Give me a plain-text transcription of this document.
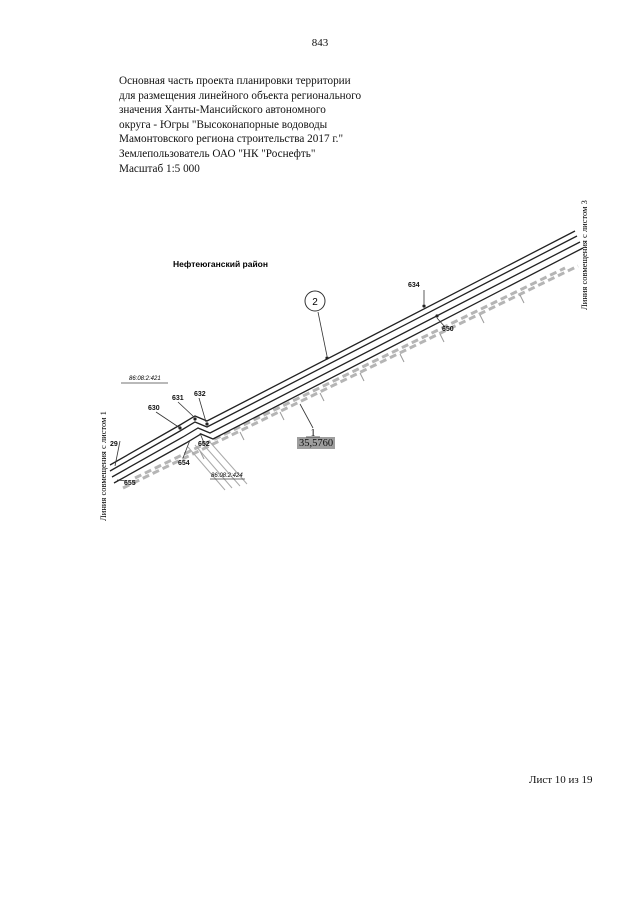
843
Основная часть проекта планировки территории
для размещения линейного объекта регионального
значения Ханты-Мансийского автономного
округа - Югры "Высоконапорные водоводы
Мамонтовского региона строительства 2017 г."
Землепользователь ОАО "НК "Роснефть"
Масштаб 1:5 000
2
1
35,5760
Нефтеюганский район
86:08:2:421
86:08:2:424
29
630
631
632
634
650
652
654
655
Линия совмещения с листом 1
Линия совмещения с листом 3
Лист 10 из 19
